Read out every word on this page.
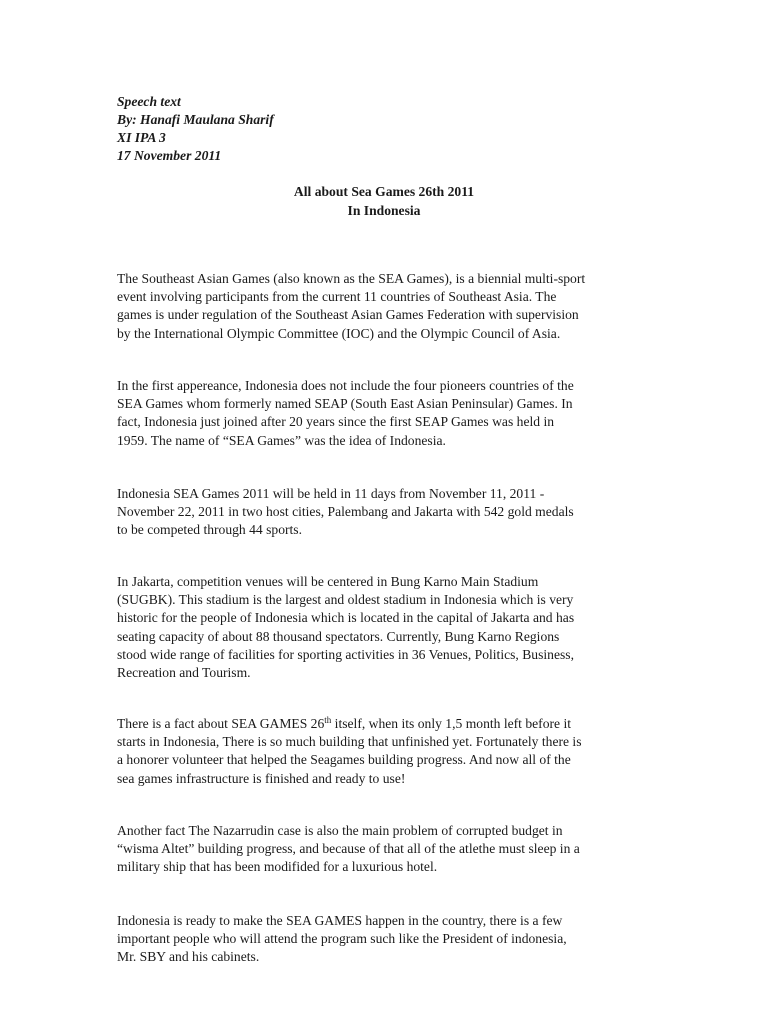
Speech text
By: Hanafi Maulana Sharif
XI IPA 3
17 November 2011
All about Sea Games 26th 2011
In Indonesia
The Southeast Asian Games (also known as the SEA Games), is a biennial multi-sport
event involving participants from the current 11 countries of Southeast Asia. The
games is under regulation of the Southeast Asian Games Federation with supervision
by the International Olympic Committee (IOC) and the Olympic Council of Asia.
In the first appereance, Indonesia does not include the four pioneers countries of the
SEA Games whom formerly named SEAP (South East Asian Peninsular) Games. In
fact, Indonesia just joined after 20 years since the first SEAP Games was held in
1959. The name of “SEA Games” was the idea of Indonesia.
Indonesia SEA Games 2011 will be held in 11 days from November 11, 2011 -
November 22, 2011 in two host cities, Palembang and Jakarta with 542 gold medals
to be competed through 44 sports.
In Jakarta, competition venues will be centered in Bung Karno Main Stadium
(SUGBK). This stadium is the largest and oldest stadium in Indonesia which is very
historic for the people of Indonesia which is located in the capital of Jakarta and has
seating capacity of about 88 thousand spectators. Currently, Bung Karno Regions
stood wide range of facilities for sporting activities in 36 Venues, Politics, Business,
Recreation and Tourism.
There is a fact about SEA GAMES 26th itself, when its only 1,5 month left before it
starts in Indonesia, There is so much building that unfinished yet. Fortunately there is
a honorer volunteer that helped the Seagames building progress. And now all of the
sea games infrastructure is finished and ready to use!
Another fact The Nazarrudin case is also the main problem of corrupted budget in
“wisma Altet” building progress, and because of that all of the atlethe must sleep in a
military ship that has been modifided for a luxurious hotel.
Indonesia is ready to make the SEA GAMES happen in the country, there is a few
important people who will attend the program such like the President of indonesia,
Mr. SBY and his cabinets.
